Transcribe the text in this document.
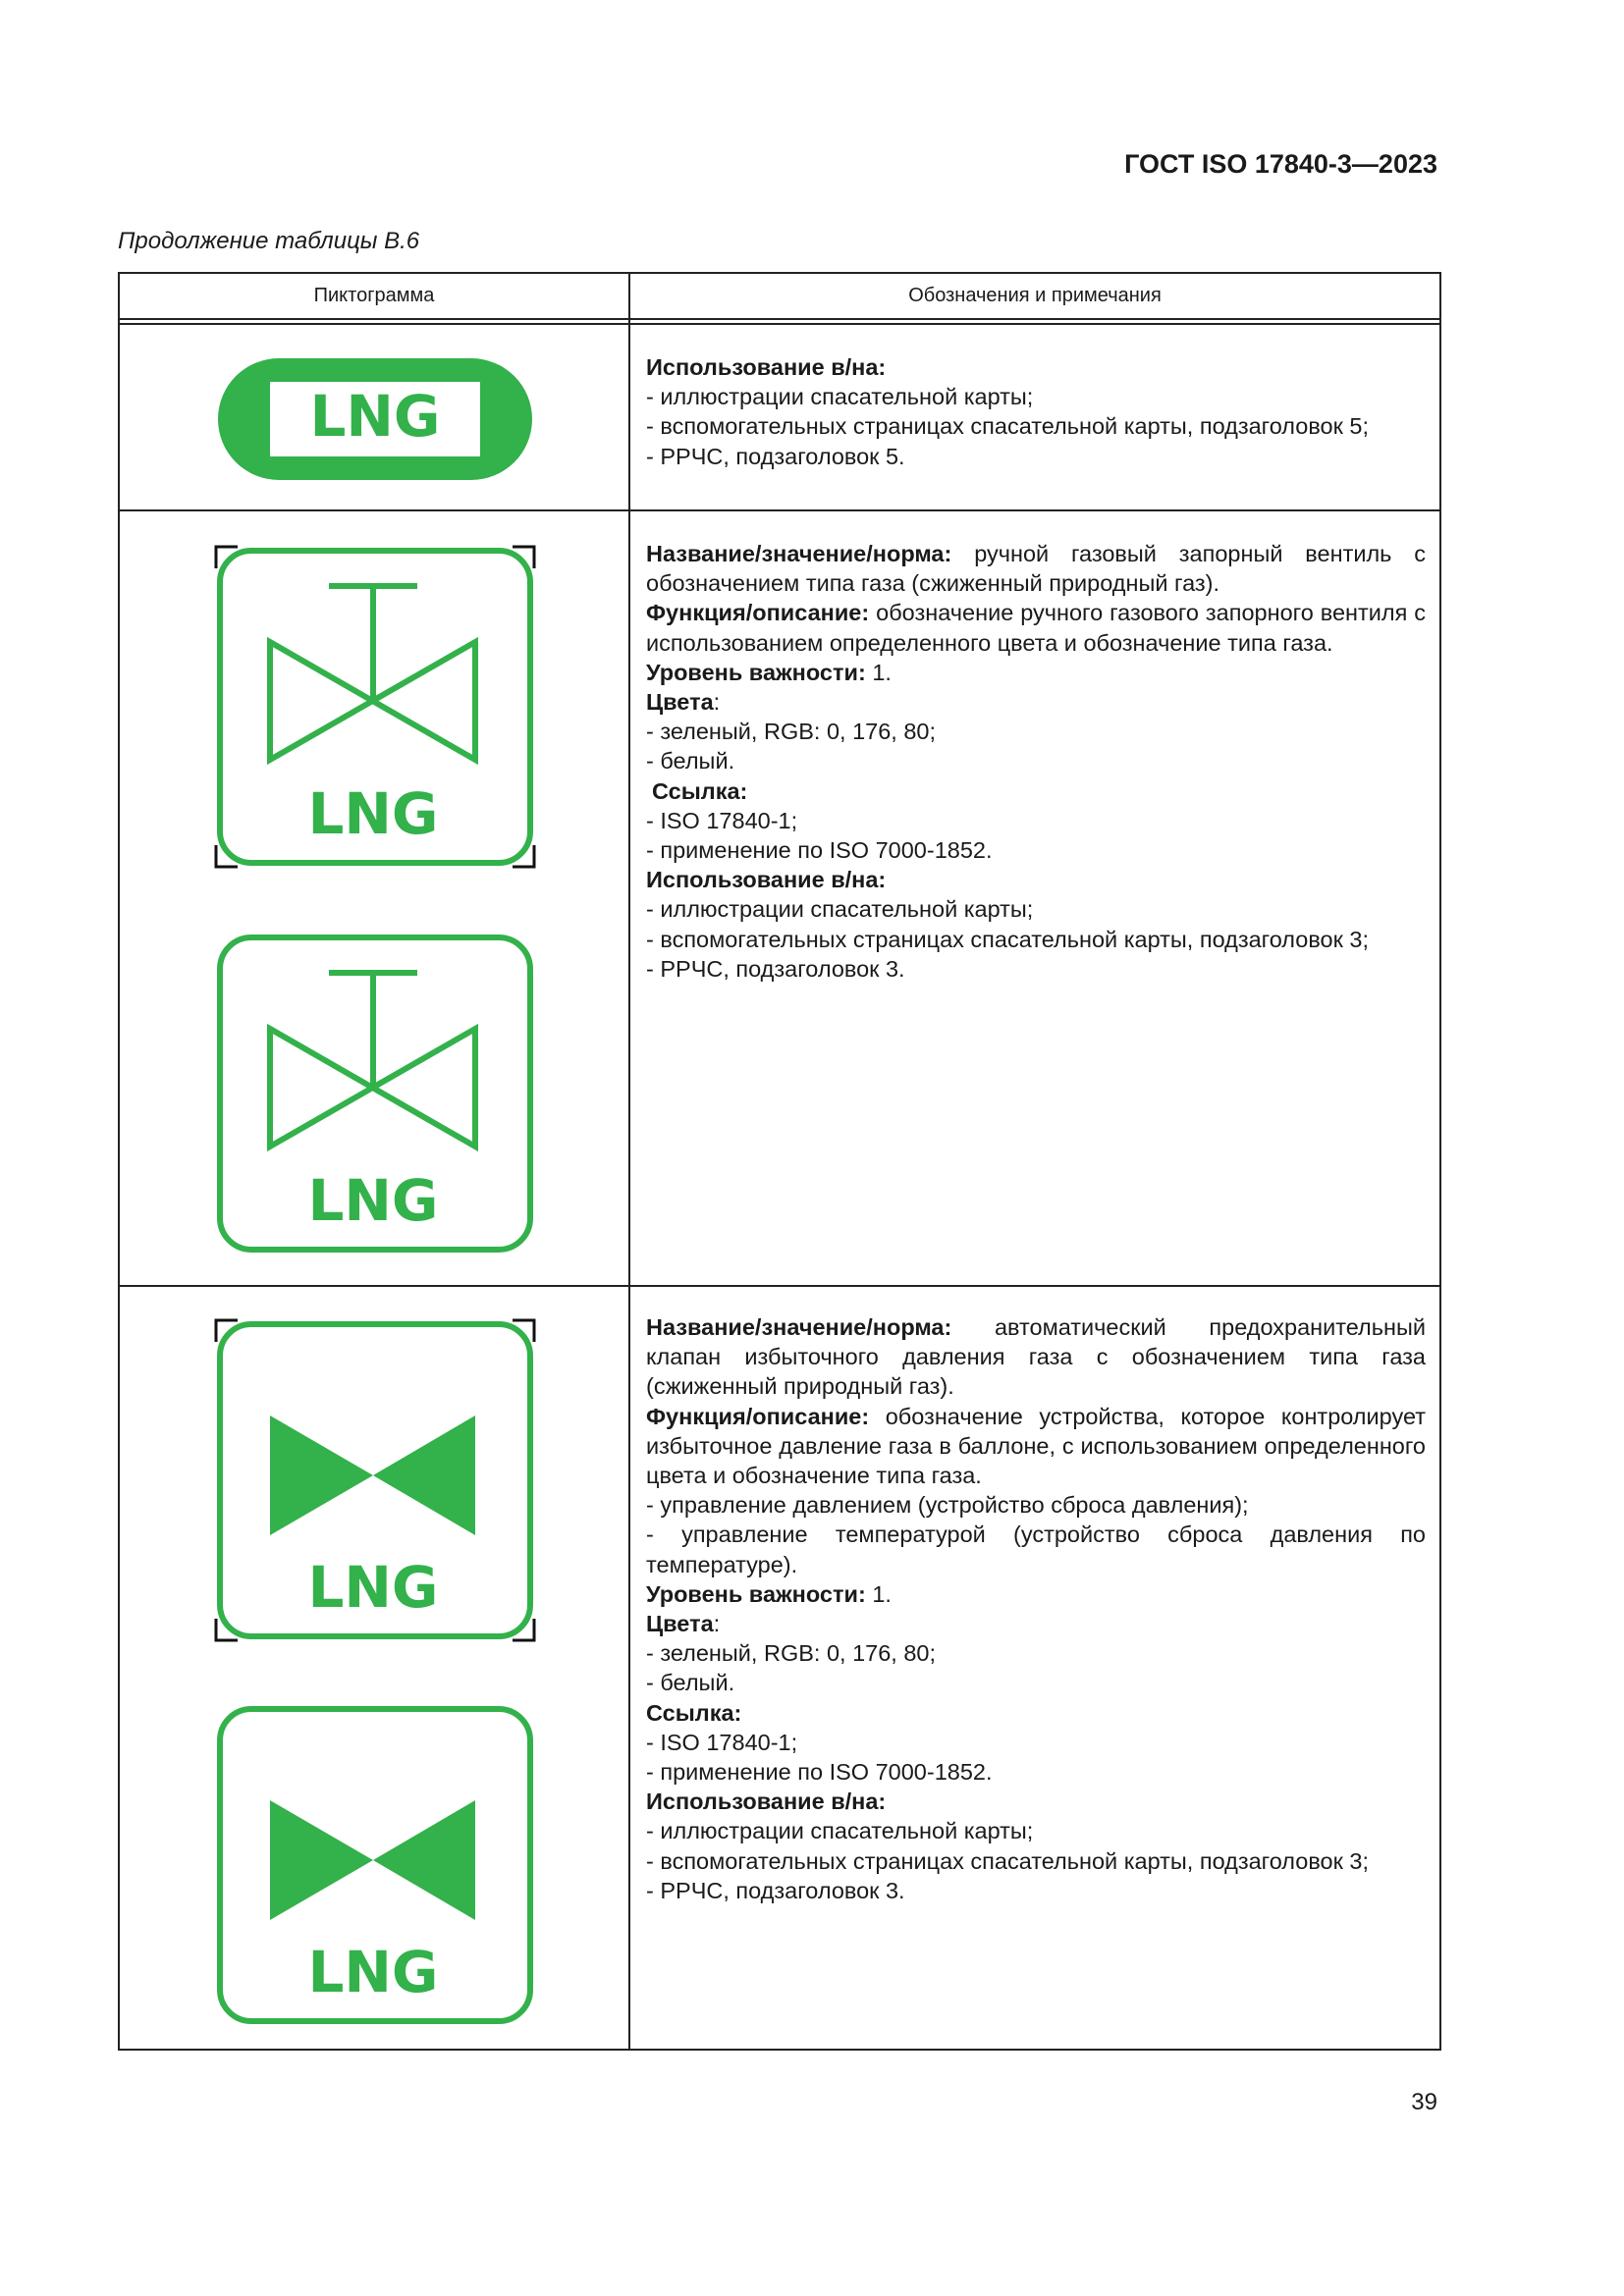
ГОСТ ISO 17840-3—2023
Продолжение таблицы В.6
Пиктограмма	Обозначения и примечания
LNG
LNG
LNG
LNG
LNG

Использование в/на:

- иллюстрации спасательной карты;

- вспомогательных страницах спасательной карты, подзаголовок 5;

- РРЧС, подзаголовок 5.

Название/значение/норма: ручной газовый запорный вентиль с обозначением типа газа (сжиженный природный газ).

Функция/описание: обозначение ручного газового запорного вентиля с использованием определенного цвета и обозначение типа газа.

Уровень важности: 1.

Цвета:

- зеленый, RGB: 0, 176, 80;

- белый.

Ссылка:

- ISO 17840-1;

- применение по ISO 7000-1852.

Использование в/на:

- иллюстрации спасательной карты;

- вспомогательных страницах спасательной карты, подзаголовок 3;

- РРЧС, подзаголовок 3.

Название/значение/норма: автоматический предохранительный клапан избыточного давления газа с обозначением типа газа (сжиженный природный газ).

Функция/описание: обозначение устройства, которое контролирует избыточное давление газа в баллоне, с использованием определенного цвета и обозначение типа газа.

- управление давлением (устройство сброса давления);

- управление температурой (устройство сброса давления по температуре).

Уровень важности: 1.

Цвета:

- зеленый, RGB: 0, 176, 80;

- белый.

Ссылка:

- ISO 17840-1;

- применение по ISO 7000-1852.

Использование в/на:

- иллюстрации спасательной карты;

- вспомогательных страницах спасательной карты, подзаголовок 3;

- РРЧС, подзаголовок 3.

39
